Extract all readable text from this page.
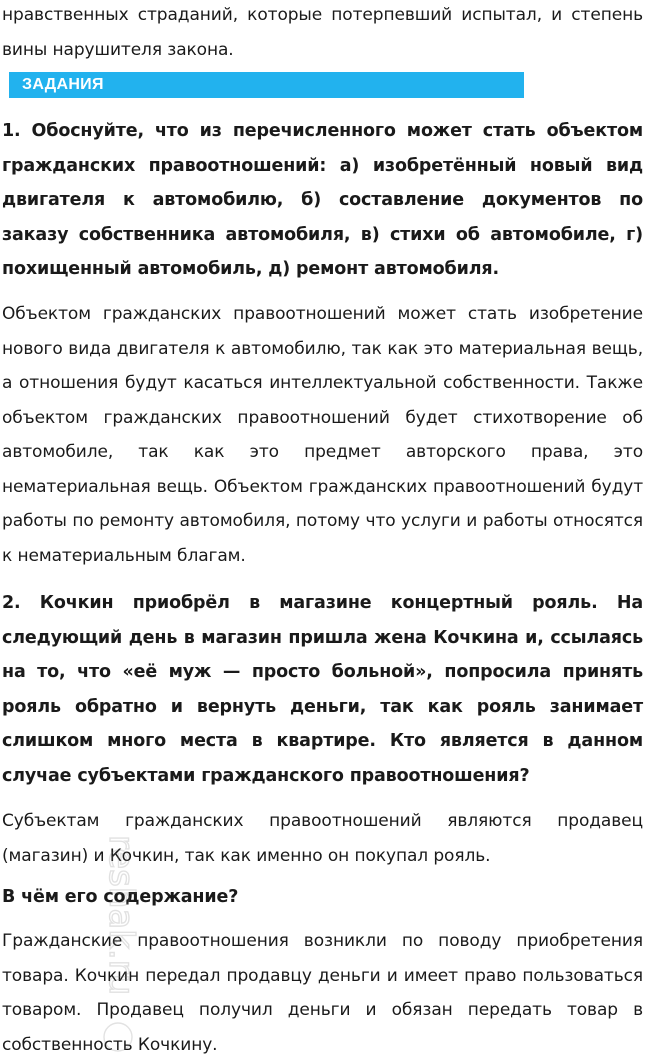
нравственных страданий, которые потерпевший испытал, и степень вины нарушителя закона.

ЗАДАНИЯ

1. Обоснуйте, что из перечисленного может стать объектом гражданских правоотношений: а) изобретённый новый вид двигателя к автомобилю, б) составление документов по заказу собственника автомобиля, в) стихи об автомобиле, г) похищенный автомобиль, д) ремонт автомобиля.

Объектом гражданских правоотношений может стать изобретение нового вида двигателя к автомобилю, так как это материальная вещь, а отношения будут касаться интеллектуальной собственности. Также объектом гражданских правоотношений будет стихотворение об автомобиле, так как это предмет авторского права, это нематериальная вещь. Объектом гражданских правоотношений будут работы по ремонту автомобиля, потому что услуги и работы относятся к нематериальным благам.

2. Кочкин приобрёл в магазине концертный рояль. На следующий день в магазин пришла жена Кочкина и, ссылаясь на то, что «её муж — просто больной», попросила принять рояль обратно и вернуть деньги, так как рояль занимает слишком много места в квартире. Кто является в данном случае субъектами гражданского правоотношения?

Субъектам гражданских правоотношений являются продавец (магазин) и Кочкин, так как именно он покупал рояль.

В чём его содержание?

Гражданские правоотношения возникли по поводу приобретения товара. Кочкин передал продавцу деньги и имеет право пользоваться товаром. Продавец получил деньги и обязан передать товар в собственность Кочкину.

reshak.ru
